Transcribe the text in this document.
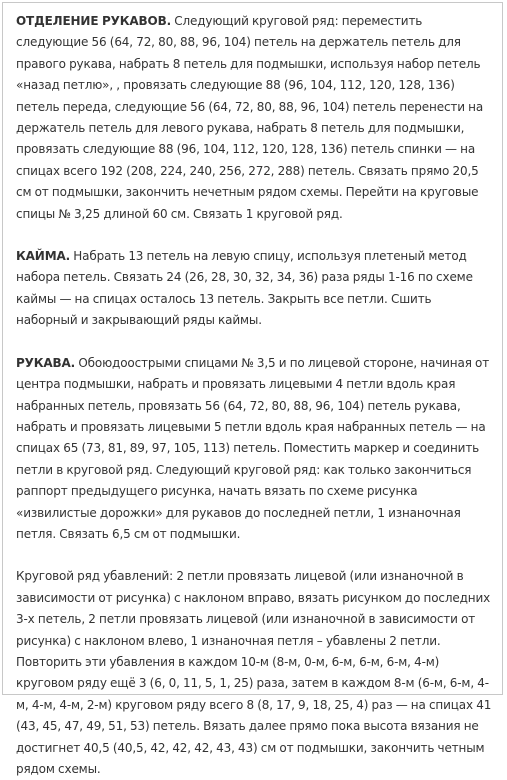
ОТДЕЛЕНИЕ РУКАВОВ. Следующий круговой ряд: переместить следующие 56 (64, 72, 80, 88, 96, 104) петель на держатель петель для правого рукава, набрать 8 петель для подмышки, используя набор петель «назад петлю», , провязать следующие 88 (96, 104, 112, 120, 128, 136) петель переда, следующие 56 (64, 72, 80, 88, 96, 104) петель перенести на держатель петель для левого рукава, набрать 8 петель для подмышки, провязать следующие 88 (96, 104, 112, 120, 128, 136) петель спинки — на спицах всего 192 (208, 224, 240, 256, 272, 288) петель. Связать прямо 20,5 см от подмышки, закончить нечетным рядом схемы. Перейти на круговые спицы № 3,25 длиной 60 см. Связать 1 круговой ряд.

КАЙМА. Набрать 13 петель на левую спицу, используя плетеный метод набора петель. Связать 24 (26, 28, 30, 32, 34, 36) раза ряды 1-16 по схеме каймы — на спицах осталось 13 петель. Закрыть все петли. Сшить наборный и закрывающий ряды каймы.

РУКАВА. Обоюдоострыми спицами № 3,5 и по лицевой стороне, начиная от центра подмышки, набрать и провязать лицевыми 4 петли вдоль края набранных петель, провязать 56 (64, 72, 80, 88, 96, 104) петель рукава, набрать и провязать лицевыми 5 петли вдоль края набранных петель — на спицах 65 (73, 81, 89, 97, 105, 113) петель. Поместить маркер и соединить петли в круговой ряд. Следующий круговой ряд: как только закончиться раппорт предыдущего рисунка, начать вязать по схеме рисунка «извилистые дорожки» для рукавов до последней петли, 1 изнаночная петля. Связать 6,5 см от подмышки.

Круговой ряд убавлений: 2 петли провязать лицевой (или изнаночной в зависимости от рисунка) с наклоном вправо, вязать рисунком до последних 3-х петель, 2 петли провязать лицевой (или изнаночной в зависимости от рисунка) с наклоном влево, 1 изнаночная петля – убавлены 2 петли. Повторить эти убавления в каждом 10-м (8-м, 0-м, 6-м, 6-м, 6-м, 4-м) круговом ряду ещё 3 (6, 0, 11, 5, 1, 25) раза, затем в каждом 8-м (6-м, 6-м, 4-м, 4-м, 4-м, 2-м) круговом ряду всего 8 (8, 17, 9, 18, 25, 4) раз — на спицах 41 (43, 45, 47, 49, 51, 53) петель. Вязать далее прямо пока высота вязания не достигнет 40,5 (40,5, 42, 42, 42, 43, 43) см от подмышки, закончить четным рядом схемы.
